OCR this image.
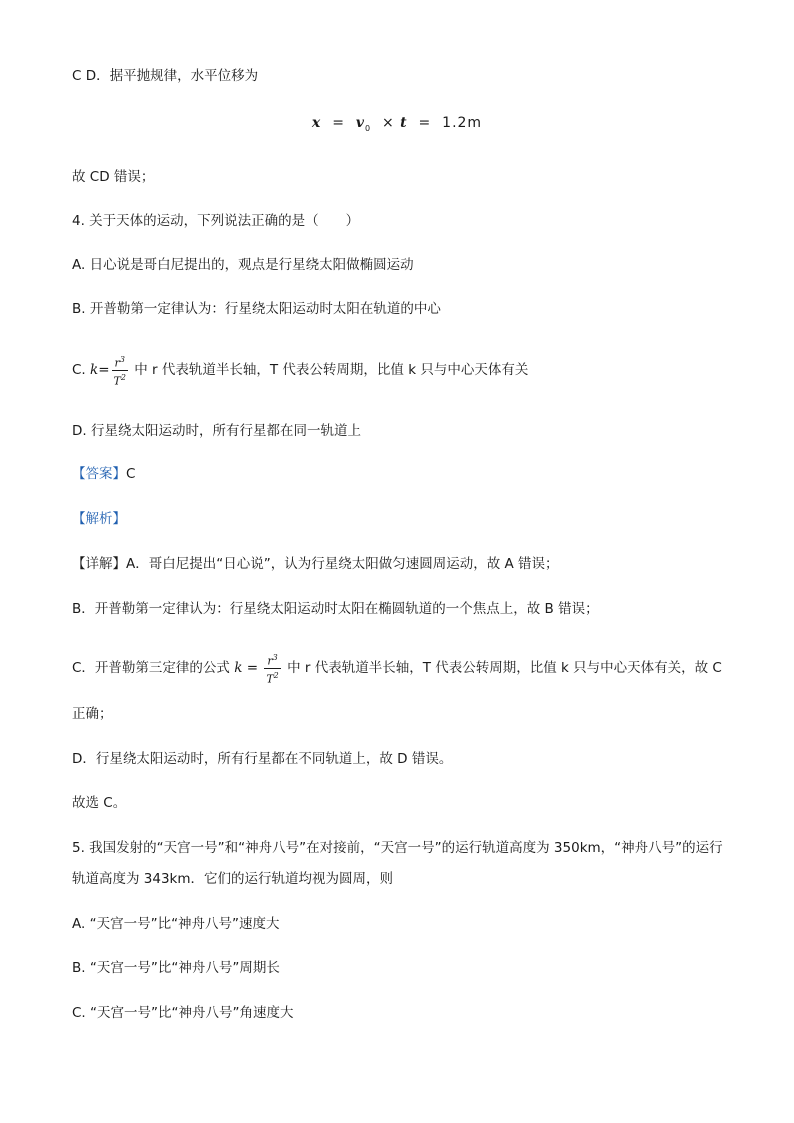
C D．据平抛规律，水平位移为
$x = v_0 \times t = 1.2m$
故 CD 错误；
4. 关于天体的运动，下列说法正确的是（　　）
A. 日心说是哥白尼提出的，观点是行星绕太阳做椭圆运动
B. 开普勒第一定律认为：行星绕太阳运动时太阳在轨道的中心
C. $k= \frac{r^3}{T^2}$ 中 r 代表轨道半长轴，T 代表公转周期，比值 k 只与中心天体有关
D. 行星绕太阳运动时，所有行星都在同一轨道上
【答案】C
【解析】
【详解】A．哥白尼提出“日心说”，认为行星绕太阳做匀速圆周运动，故 A 错误；
B．开普勒第一定律认为：行星绕太阳运动时太阳在椭圆轨道的一个焦点上，故 B 错误；
C．开普勒第三定律的公式 $k = \frac{r^3}{T^2}$ 中 r 代表轨道半长轴，T 代表公转周期，比值 k 只与中心天体有关，故 C
正确；
D．行星绕太阳运动时，所有行星都在不同轨道上，故 D 错误。
故选 C。
5. 我国发射的“天宫一号”和“神舟八号”在对接前，“天宫一号”的运行轨道高度为 350km，“神舟八号”的运行
轨道高度为 343km．它们的运行轨道均视为圆周，则
A. “天宫一号”比“神舟八号”速度大
B. “天宫一号”比“神舟八号”周期长
C. “天宫一号”比“神舟八号”角速度大
